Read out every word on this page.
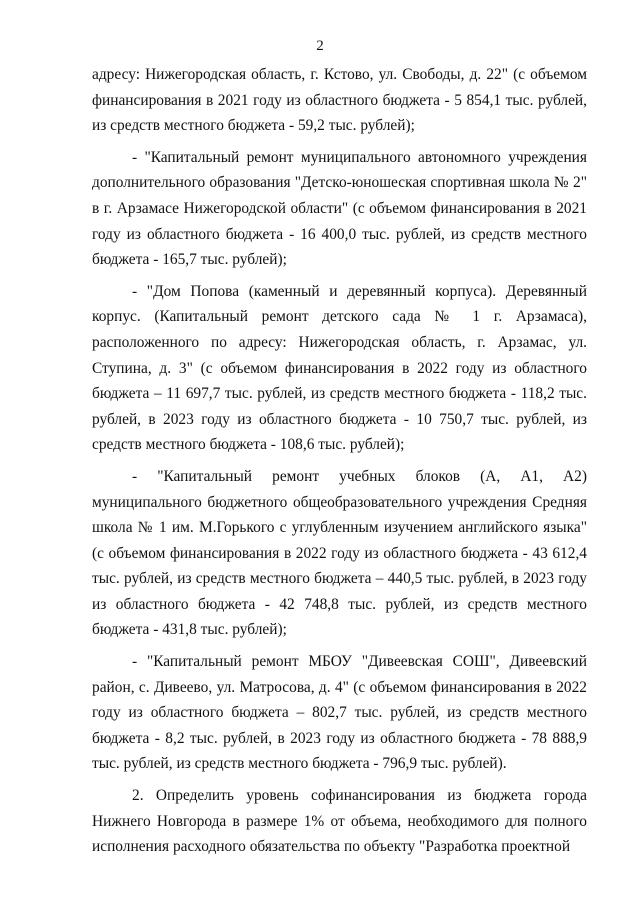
2

адресу: Нижегородская область, г. Кстово, ул. Свободы, д. 22" (с объемом финансирования в 2021 году из областного бюджета - 5 854,1 тыс. рублей, из средств местного бюджета - 59,2 тыс. рублей);

- "Капитальный ремонт муниципального автономного учреждения дополнительного образования "Детско-юношеская спортивная школа № 2" в г. Арзамасе Нижегородской области" (с объемом финансирования в 2021 году из областного бюджета - 16 400,0 тыс. рублей, из средств местного бюджета - 165,7 тыс. рублей);

- "Дом Попова (каменный и деревянный корпуса). Деревянный корпус. (Капитальный ремонт детского сада № 1 г. Арзамаса), расположенного по адресу: Нижегородская область, г. Арзамас, ул. Ступина, д. 3" (с объемом финансирования в 2022 году из областного бюджета – 11 697,7 тыс. рублей, из средств местного бюджета - 118,2 тыс. рублей, в 2023 году из областного бюджета - 10 750,7 тыс. рублей, из средств местного бюджета - 108,6 тыс. рублей);

- "Капитальный ремонт учебных блоков (А, А1, А2) муниципального бюджетного общеобразовательного учреждения Средняя школа № 1 им. М.Горького с углубленным изучением английского языка" (с объемом финансирования в 2022 году из областного бюджета - 43 612,4 тыс. рублей, из средств местного бюджета – 440,5 тыс. рублей, в 2023 году из областного бюджета - 42 748,8 тыс. рублей, из средств местного бюджета - 431,8 тыс. рублей);

- "Капитальный ремонт МБОУ "Дивеевская СОШ", Дивеевский район, с. Дивеево, ул. Матросова, д. 4" (с объемом финансирования в 2022 году из областного бюджета – 802,7 тыс. рублей, из средств местного бюджета - 8,2 тыс. рублей, в 2023 году из областного бюджета - 78 888,9 тыс. рублей, из средств местного бюджета - 796,9 тыс. рублей).

2. Определить уровень софинансирования из бюджета города Нижнего Новгорода в размере 1% от объема, необходимого для полного исполнения расходного обязательства по объекту "Разработка проектной
